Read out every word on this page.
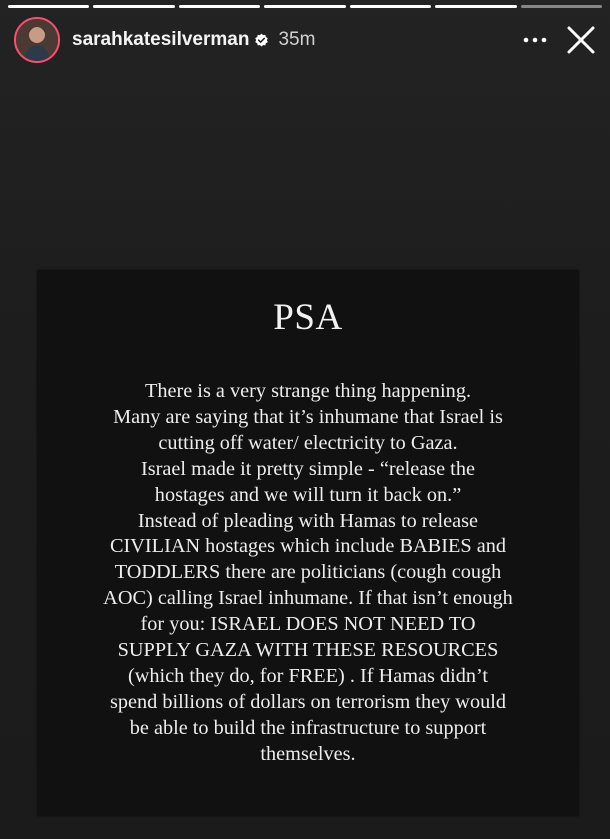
sarahkatesilverman 35m
PSA
There is a very strange thing happening.
Many are saying that it’s inhumane that Israel is
cutting off water/ electricity to Gaza.
Israel made it pretty simple - “release the
hostages and we will turn it back on.”
Instead of pleading with Hamas to release
CIVILIAN hostages which include BABIES and
TODDLERS there are politicians (cough cough
AOC) calling Israel inhumane. If that isn’t enough
for you: ISRAEL DOES NOT NEED TO
SUPPLY GAZA WITH THESE RESOURCES
(which they do, for FREE) . If Hamas didn’t
spend billions of dollars on terrorism they would
be able to build the infrastructure to support
themselves.
